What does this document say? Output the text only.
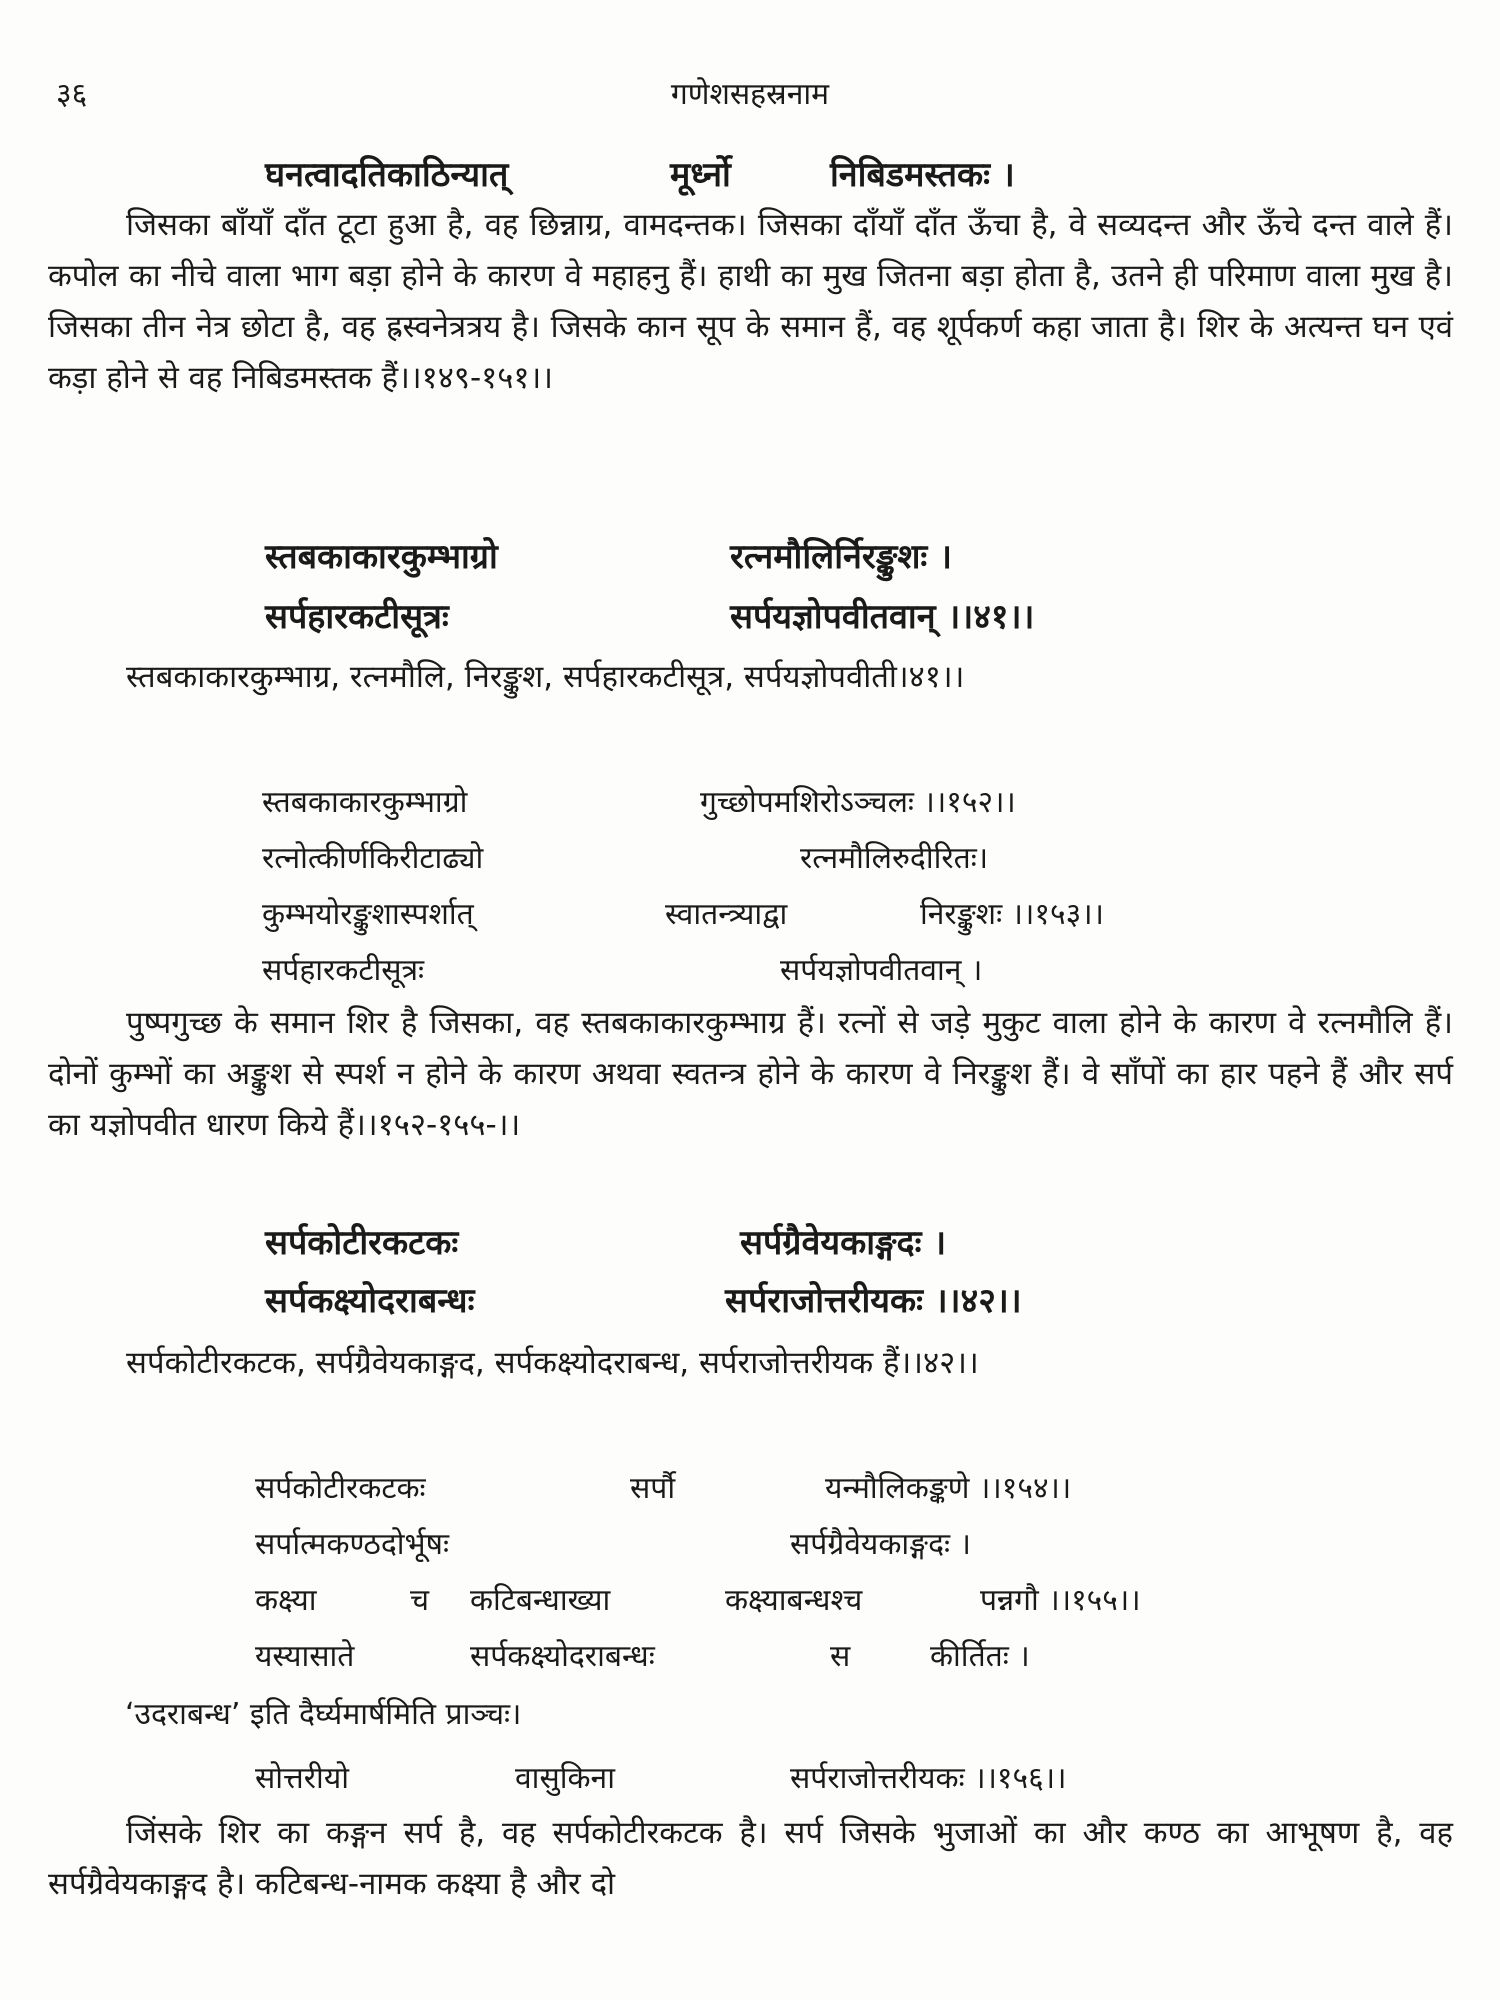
३६	गणेशसहस्रनाम
घनत्वादतिकाठिन्यात्	मूर्ध्नो	निबिडमस्तकः ।

जिसका बाँयाँ दाँत टूटा हुआ है, वह छिन्नाग्र, वामदन्तक। जिसका दाँयाँ दाँत ऊँचा है, वे सव्यदन्त और ऊँचे दन्त वाले हैं। कपोल का नीचे वाला भाग बड़ा होने के कारण वे महाहनु हैं। हाथी का मुख जितना बड़ा होता है, उतने ही परिमाण वाला मुख है। जिसका तीन नेत्र छोटा है, वह ह्रस्वनेत्रत्रय है। जिसके कान सूप के समान हैं, वह शूर्पकर्ण कहा जाता है। शिर के अत्यन्त घन एवं कड़ा होने से वह निबिडमस्तक हैं।।१४९-१५१।।

स्तबकाकारकुम्भाग्रो	रत्नमौलिर्निरङ्कुशः ।
सर्पहारकटीसूत्रः	सर्पयज्ञोपवीतवान् ।।४१।।

स्तबकाकारकुम्भाग्र, रत्नमौलि, निरङ्कुश, सर्पहारकटीसूत्र, सर्पयज्ञोपवीती।४१।।

स्तबकाकारकुम्भाग्रो	गुच्छोपमशिरोऽञ्चलः ।।१५२।।
रत्नोत्कीर्णकिरीटाढ्यो	रत्नमौलिरुदीरितः।
कुम्भयोरङ्कुशास्पर्शात्	स्वातन्त्र्याद्वा	निरङ्कुशः ।।१५३।।
सर्पहारकटीसूत्रः	सर्पयज्ञोपवीतवान् ।

पुष्पगुच्छ के समान शिर है जिसका, वह स्तबकाकारकुम्भाग्र हैं। रत्नों से जड़े मुकुट वाला होने के कारण वे रत्नमौलि हैं। दोनों कुम्भों का अङ्कुश से स्पर्श न होने के कारण अथवा स्वतन्त्र होने के कारण वे निरङ्कुश हैं। वे साँपों का हार पहने हैं और सर्प का यज्ञोपवीत धारण किये हैं।।१५२-१५५-।।

सर्पकोटीरकटकः	सर्पग्रैवेयकाङ्गदः ।
सर्पकक्ष्योदराबन्धः	सर्पराजोत्तरीयकः ।।४२।।

सर्पकोटीरकटक, सर्पग्रैवेयकाङ्गद, सर्पकक्ष्योदराबन्ध, सर्पराजोत्तरीयक हैं।।४२।।

सर्पकोटीरकटकः	सर्पौ	यन्मौलिकङ्कणे ।।१५४।।
सर्पात्मकण्ठदोर्भूषः	सर्पग्रैवेयकाङ्गदः ।
कक्ष्या	च कटिबन्धाख्या	कक्ष्याबन्धश्च	पन्नगौ ।।१५५।।
यस्यासाते	सर्पकक्ष्योदराबन्धः	स	कीर्तितः ।
‘उदराबन्ध’ इति दैर्घ्यमार्षमिति प्राञ्चः।
सोत्तरीयो	वासुकिना	सर्पराजोत्तरीयकः ।।१५६।।

जिंसके शिर का कङ्गन सर्प है, वह सर्पकोटीरकटक है। सर्प जिसके भुजाओं का और कण्ठ का आभूषण है, वह सर्पग्रैवेयकाङ्गद है। कटिबन्ध-नामक कक्ष्या है और दो
